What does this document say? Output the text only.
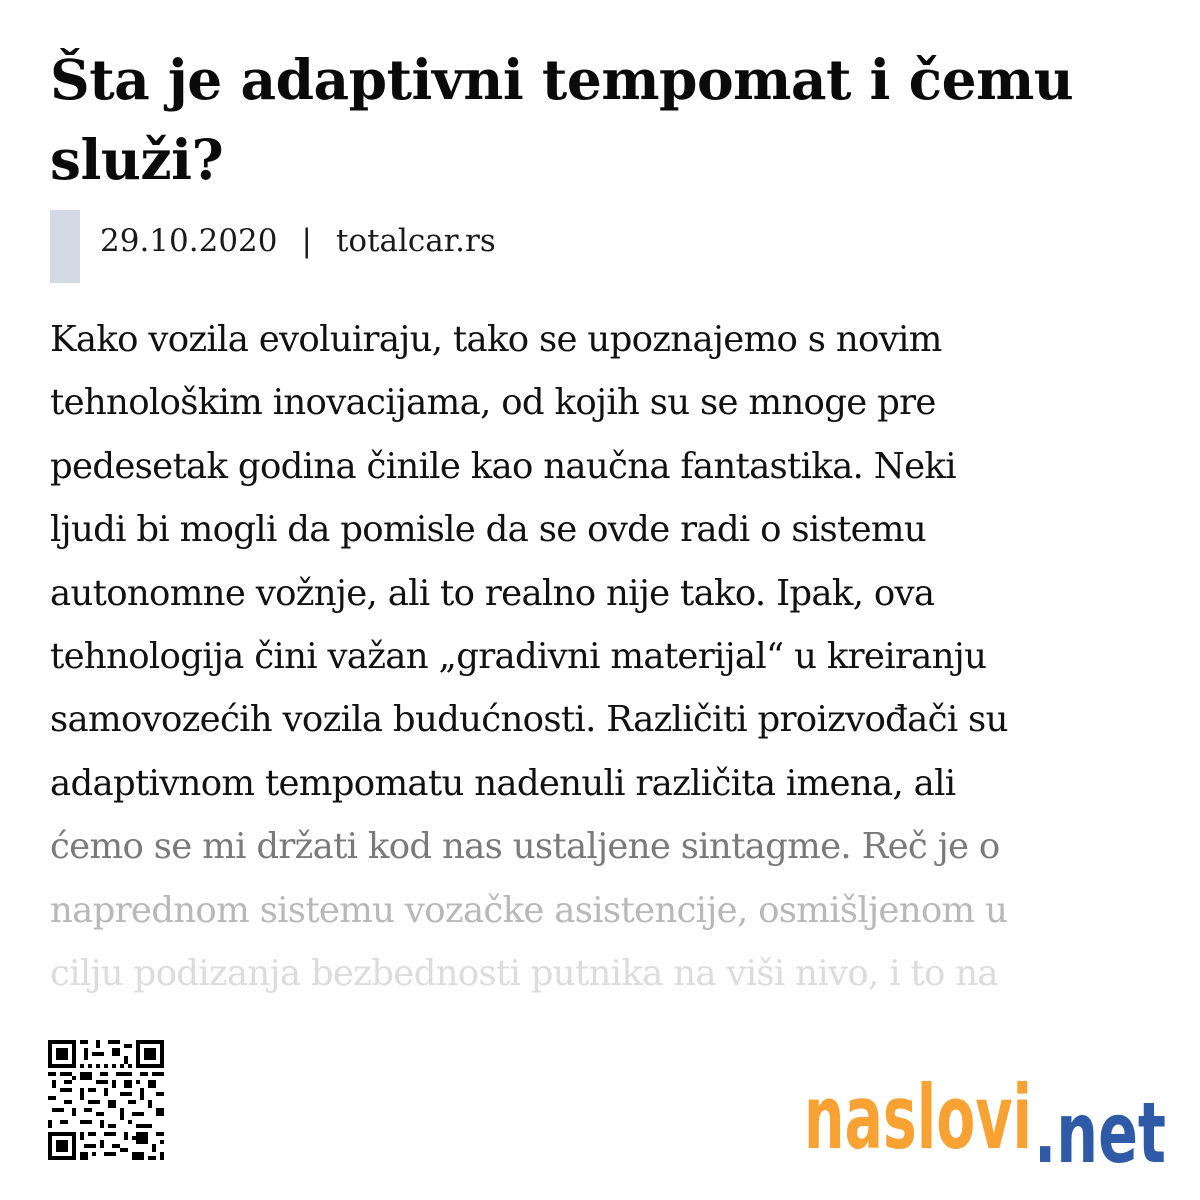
Šta je adaptivni tempomat i čemu služi?
29.10.2020 | totalcar.rs

Kako vozila evoluiraju, tako se upoznajemo s novim
tehnološkim inovacijama, od kojih su se mnoge pre
pedesetak godina činile kao naučna fantastika. Neki
ljudi bi mogli da pomisle da se ovde radi o sistemu
autonomne vožnje, ali to realno nije tako. Ipak, ova
tehnologija čini važan „gradivni materijal“ u kreiranju
samovozećih vozila budućnosti. Različiti proizvođači su
adaptivnom tempomatu nadenuli različita imena, ali
ćemo se mi držati kod nas ustaljene sintagme. Reč je o
naprednom sistemu vozačke asistencije, osmišljenom u
cilju podizanja bezbednosti putnika na viši nivo, i to na

naslovi .net
